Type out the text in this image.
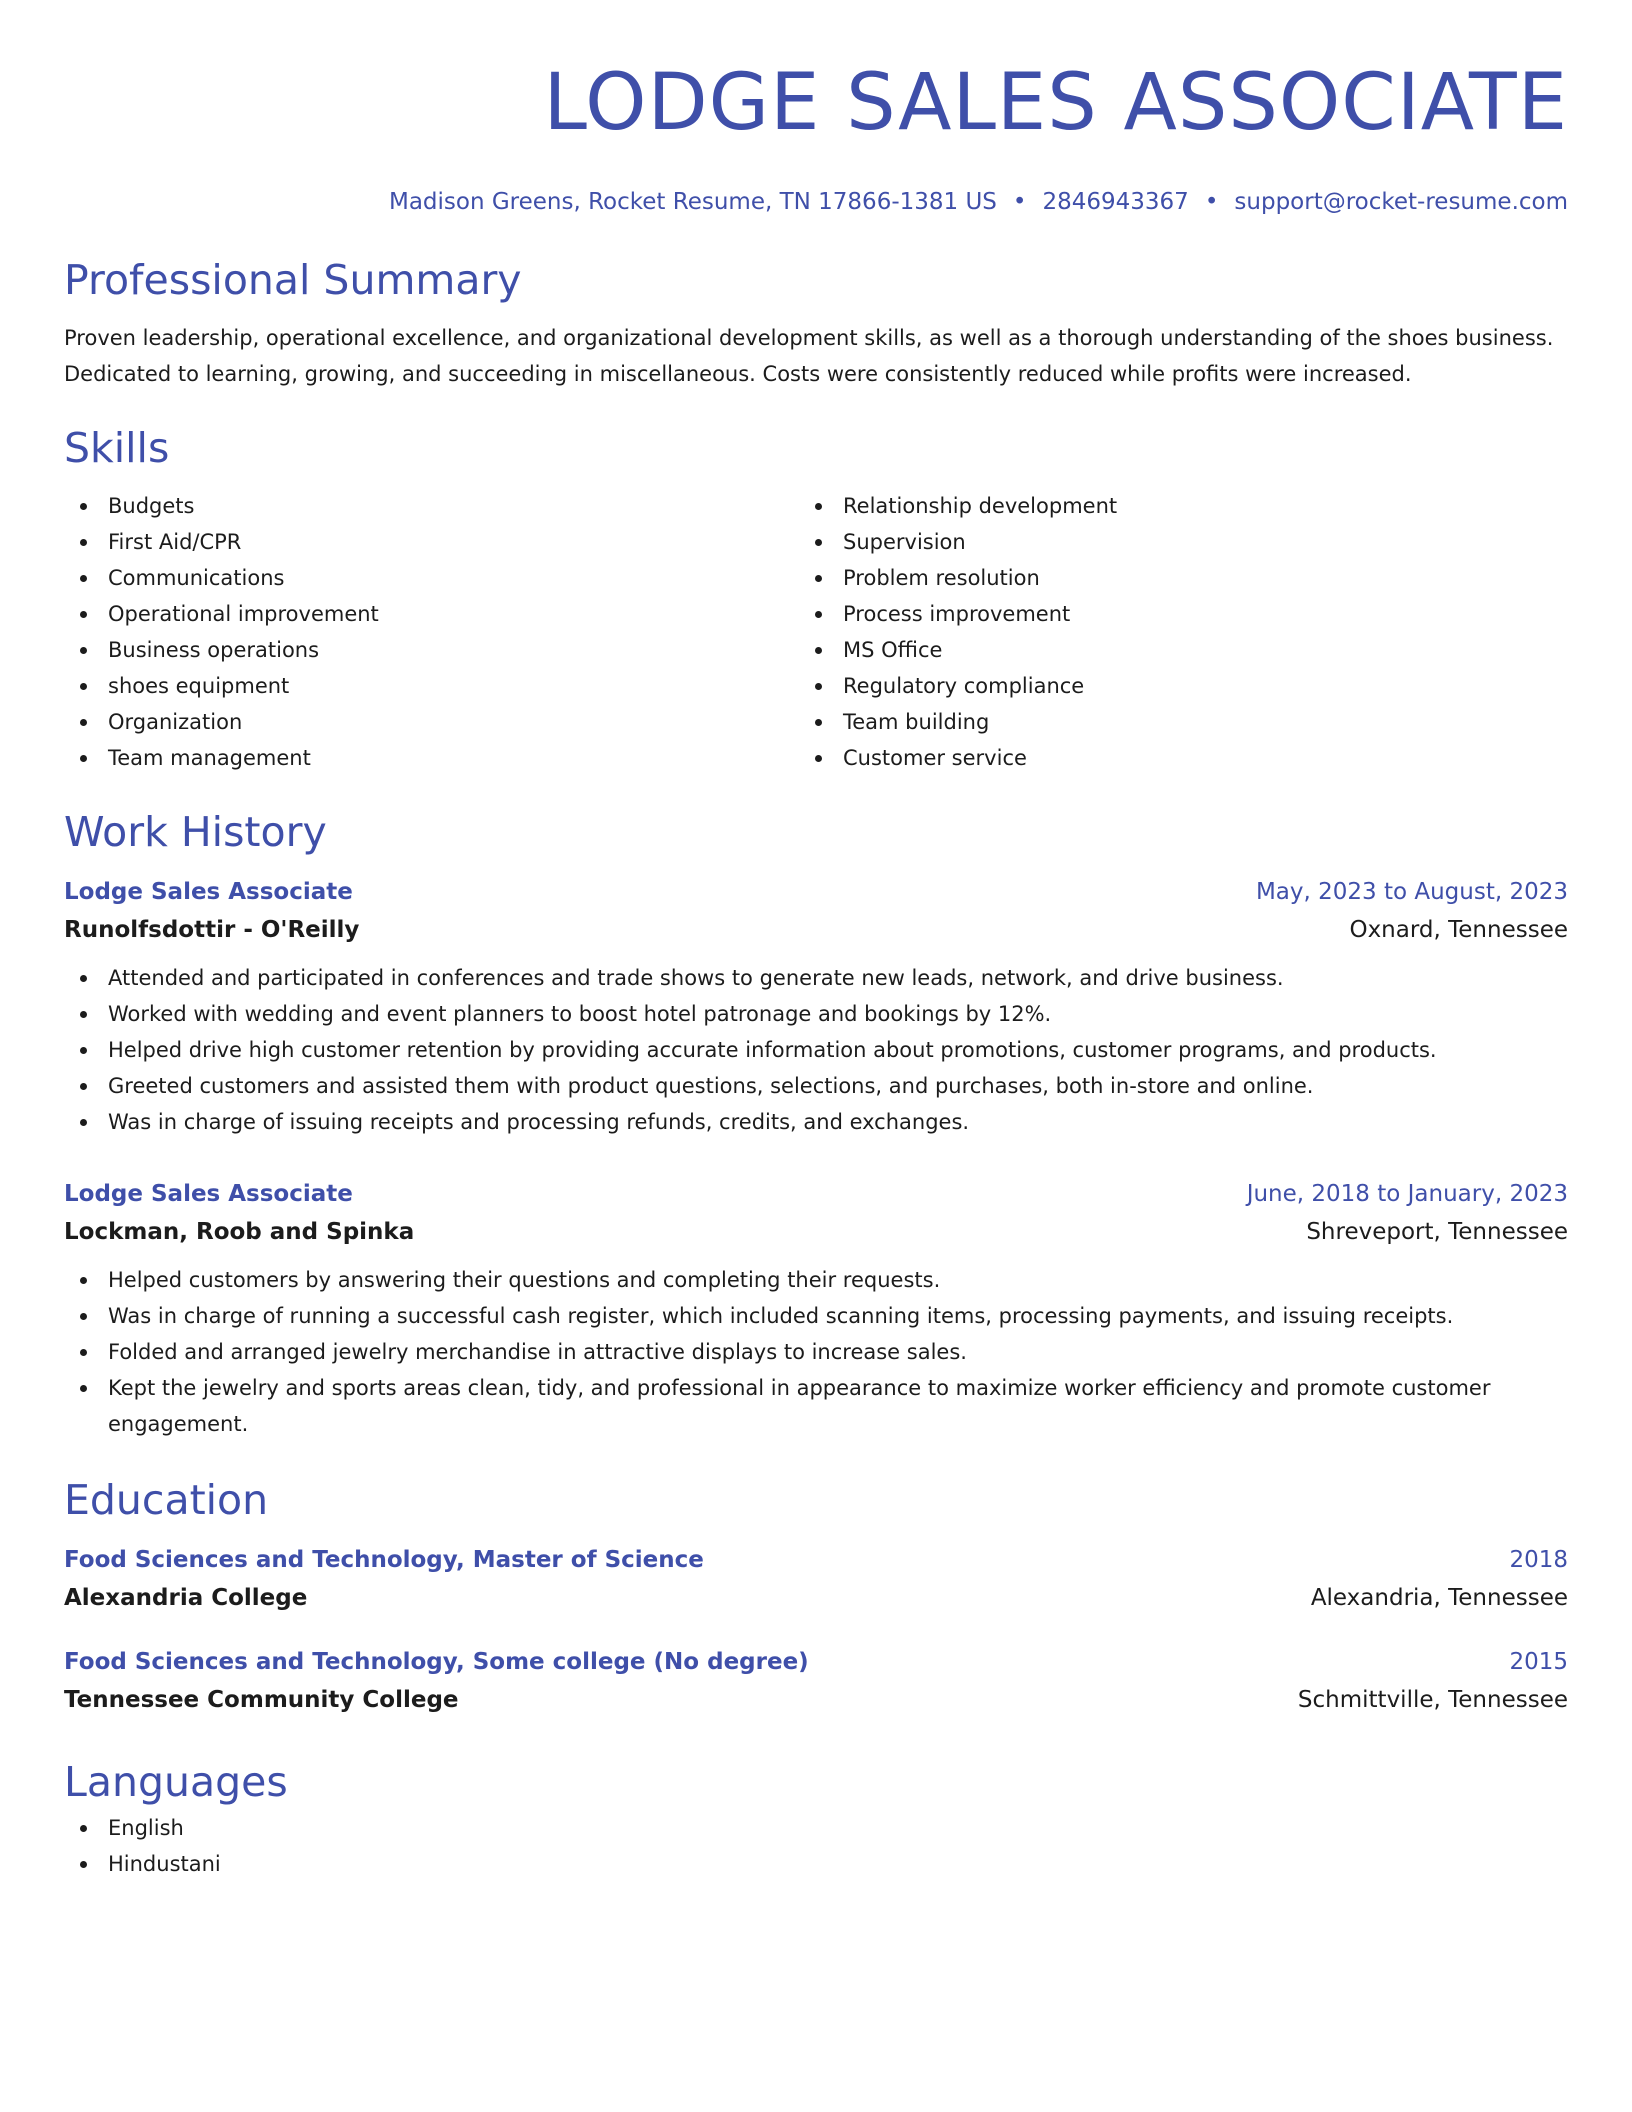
LODGE SALES ASSOCIATE
Madison Greens, Rocket Resume, TN 17866-1381 US • 2846943367 • support@rocket-resume.com
Professional Summary
Proven leadership, operational excellence, and organizational development skills, as well as a thorough understanding of the shoes business. Dedicated to learning, growing, and succeeding in miscellaneous. Costs were consistently reduced while profits were increased.
Skills
Budgets
First Aid/CPR
Communications
Operational improvement
Business operations
shoes equipment
Organization
Team management
Relationship development
Supervision
Problem resolution
Process improvement
MS Office
Regulatory compliance
Team building
Customer service
Work History
Lodge Sales Associate	May, 2023 to August, 2023
Runolfsdottir - O'Reilly	Oxnard, Tennessee
Attended and participated in conferences and trade shows to generate new leads, network, and drive business.
Worked with wedding and event planners to boost hotel patronage and bookings by 12%.
Helped drive high customer retention by providing accurate information about promotions, customer programs, and products.
Greeted customers and assisted them with product questions, selections, and purchases, both in-store and online.
Was in charge of issuing receipts and processing refunds, credits, and exchanges.
Lodge Sales Associate	June, 2018 to January, 2023
Lockman, Roob and Spinka	Shreveport, Tennessee
Helped customers by answering their questions and completing their requests.
Was in charge of running a successful cash register, which included scanning items, processing payments, and issuing receipts.
Folded and arranged jewelry merchandise in attractive displays to increase sales.
Kept the jewelry and sports areas clean, tidy, and professional in appearance to maximize worker efficiency and promote customer engagement.
Education
Food Sciences and Technology, Master of Science	2018
Alexandria College	Alexandria, Tennessee
Food Sciences and Technology, Some college (No degree)	2015
Tennessee Community College	Schmittville, Tennessee
Languages
English
Hindustani
